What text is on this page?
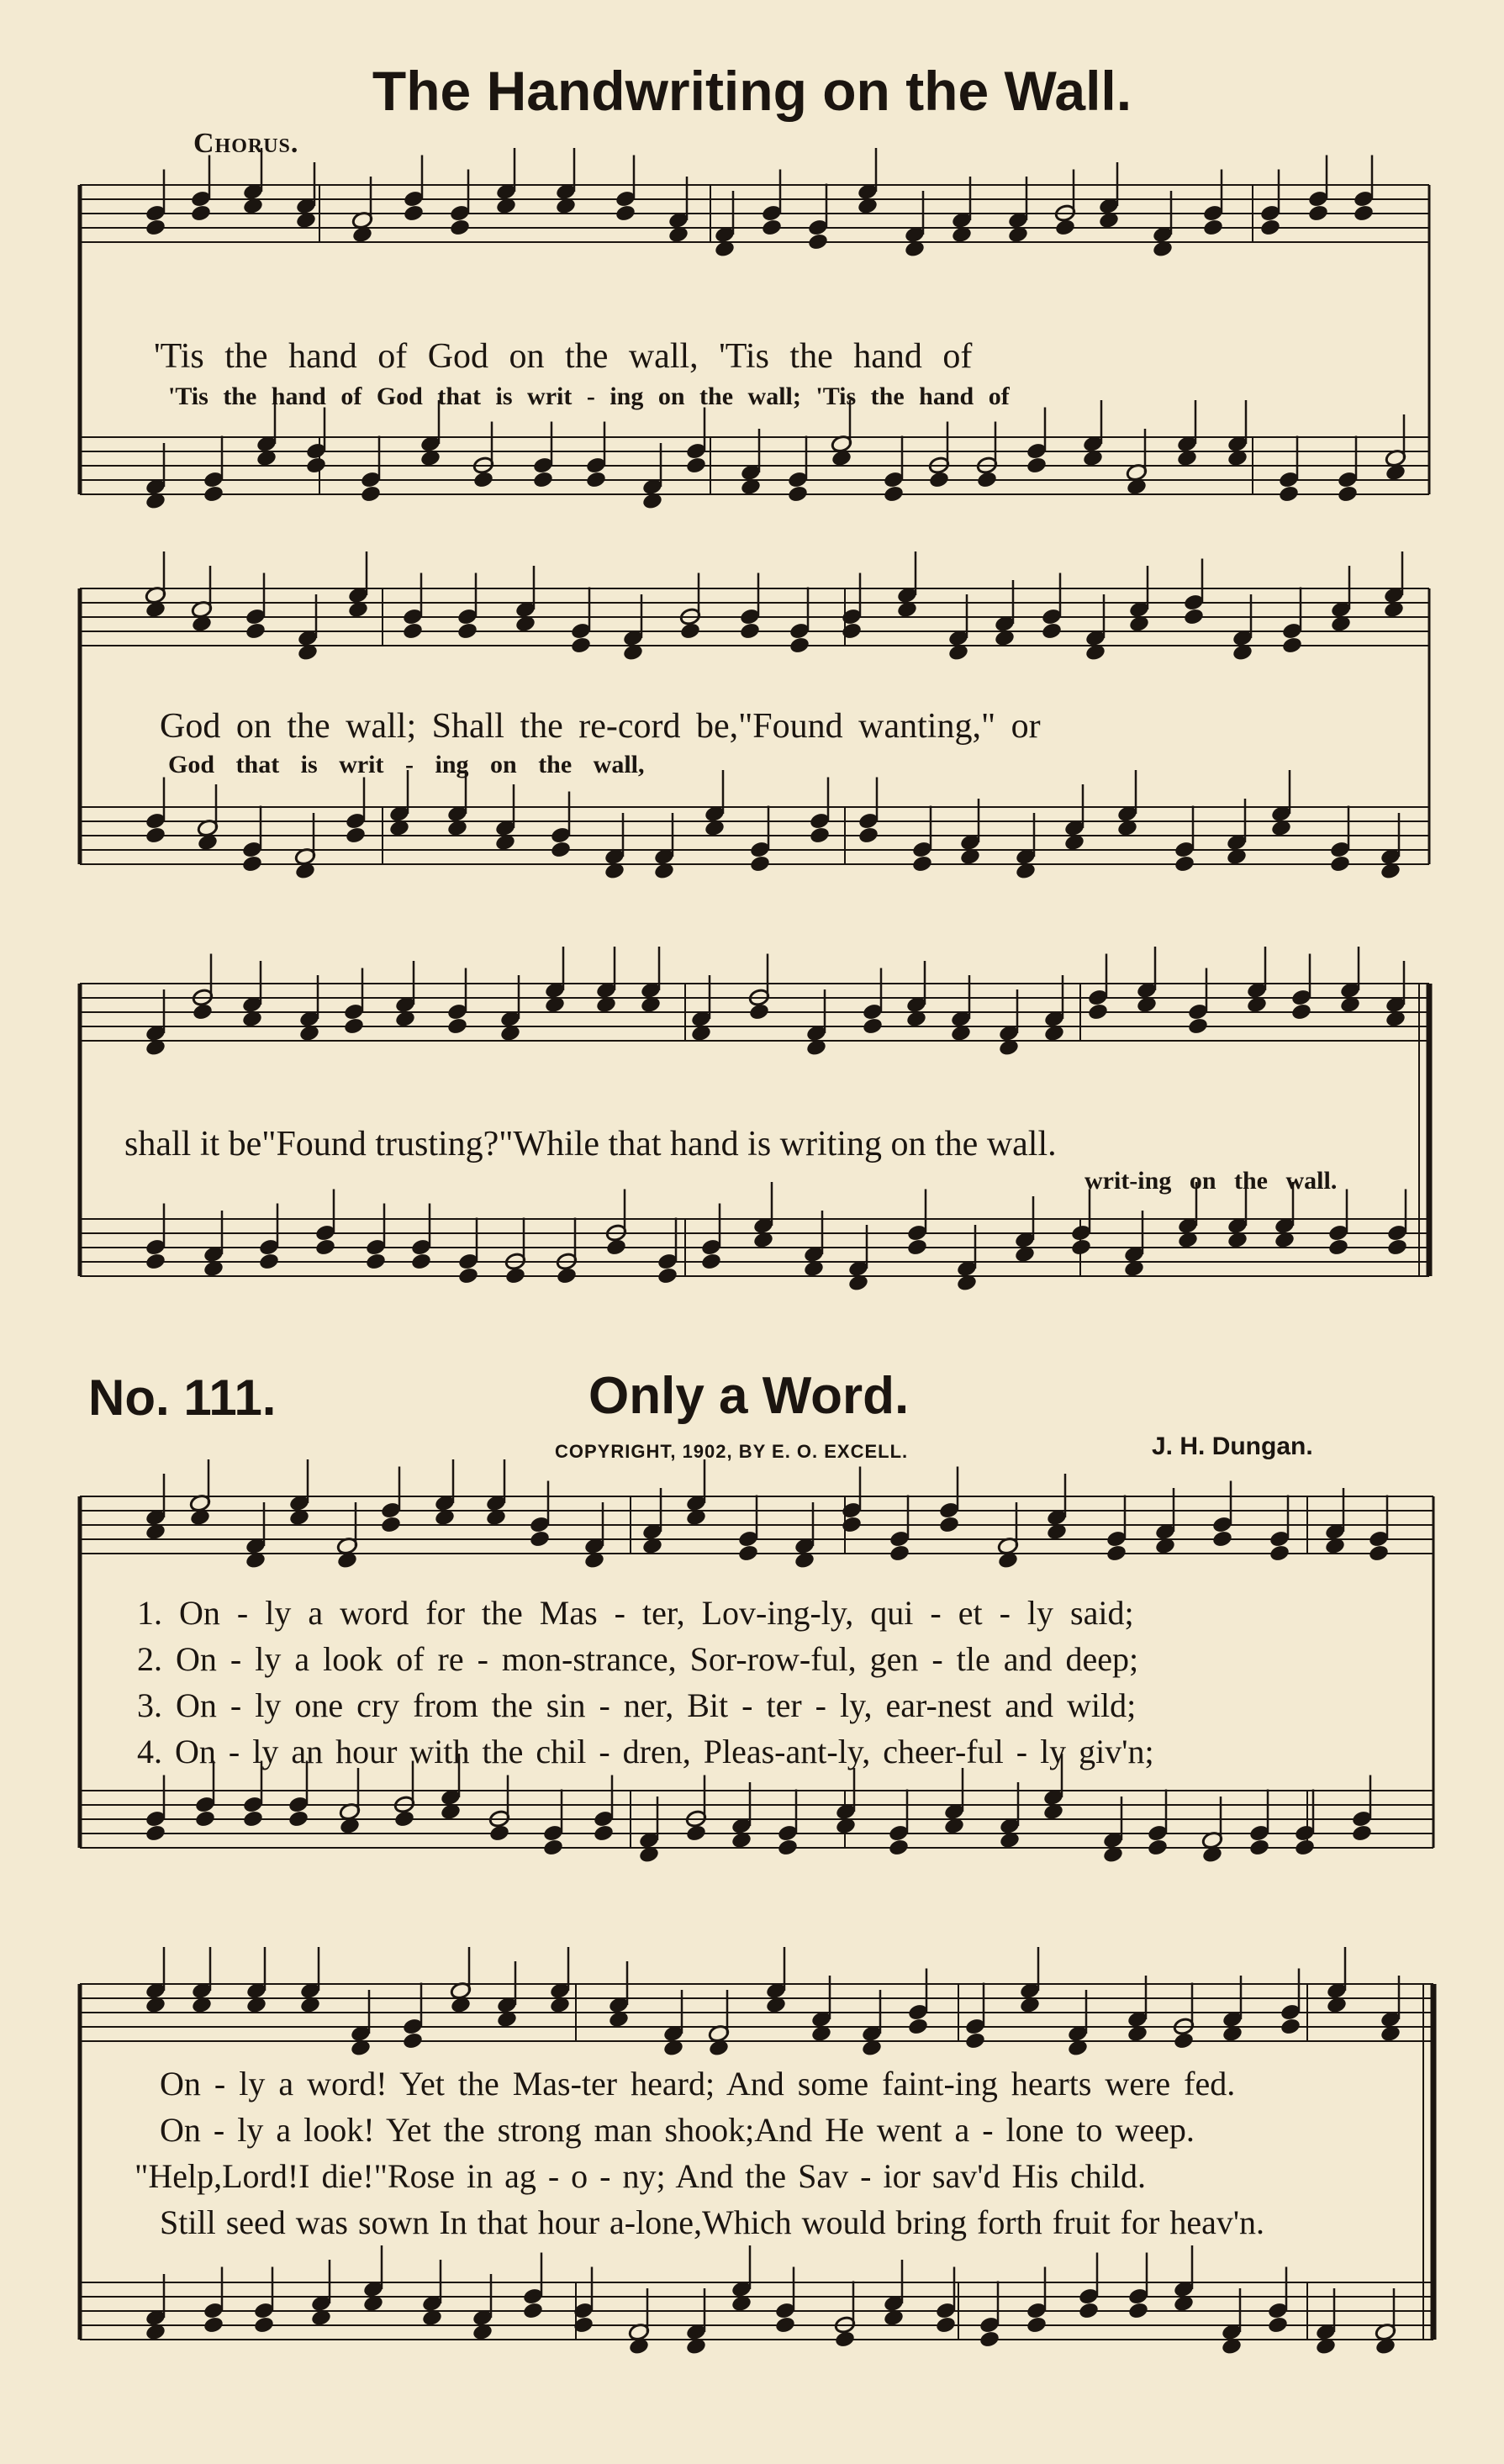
The Handwriting on the Wall.
Chorus.
'Tis the hand of God on the wall, 'Tis the hand of
'Tis the hand of God that is writ - ing on the wall; 'Tis the hand of
God on the wall; Shall the re-cord be,"Found wanting," or
God that is writ - ing on the wall,
shall it be"Found trusting?"While that hand is writing on the wall.
writ-ing on the wall.
No. 111.	Only a Word.
COPYRIGHT, 1902, BY E. O. EXCELL.	J. H. Dungan.
1. On - ly a word for the Mas - ter, Lov-ing-ly, qui - et - ly said;
2. On - ly a look of re - mon-strance, Sor-row-ful, gen - tle and deep;
3. On - ly one cry from the sin - ner, Bit - ter - ly, ear-nest and wild;
4. On - ly an hour with the chil - dren, Pleas-ant-ly, cheer-ful - ly giv'n;
On - ly a word! Yet the Mas-ter heard; And some faint-ing hearts were fed.
On - ly a look! Yet the strong man shook;And He went a - lone to weep.
"Help,Lord!I die!"Rose in ag - o - ny; And the Sav - ior sav'd His child.
Still seed was sown In that hour a-lone,Which would bring forth fruit for heav'n.
